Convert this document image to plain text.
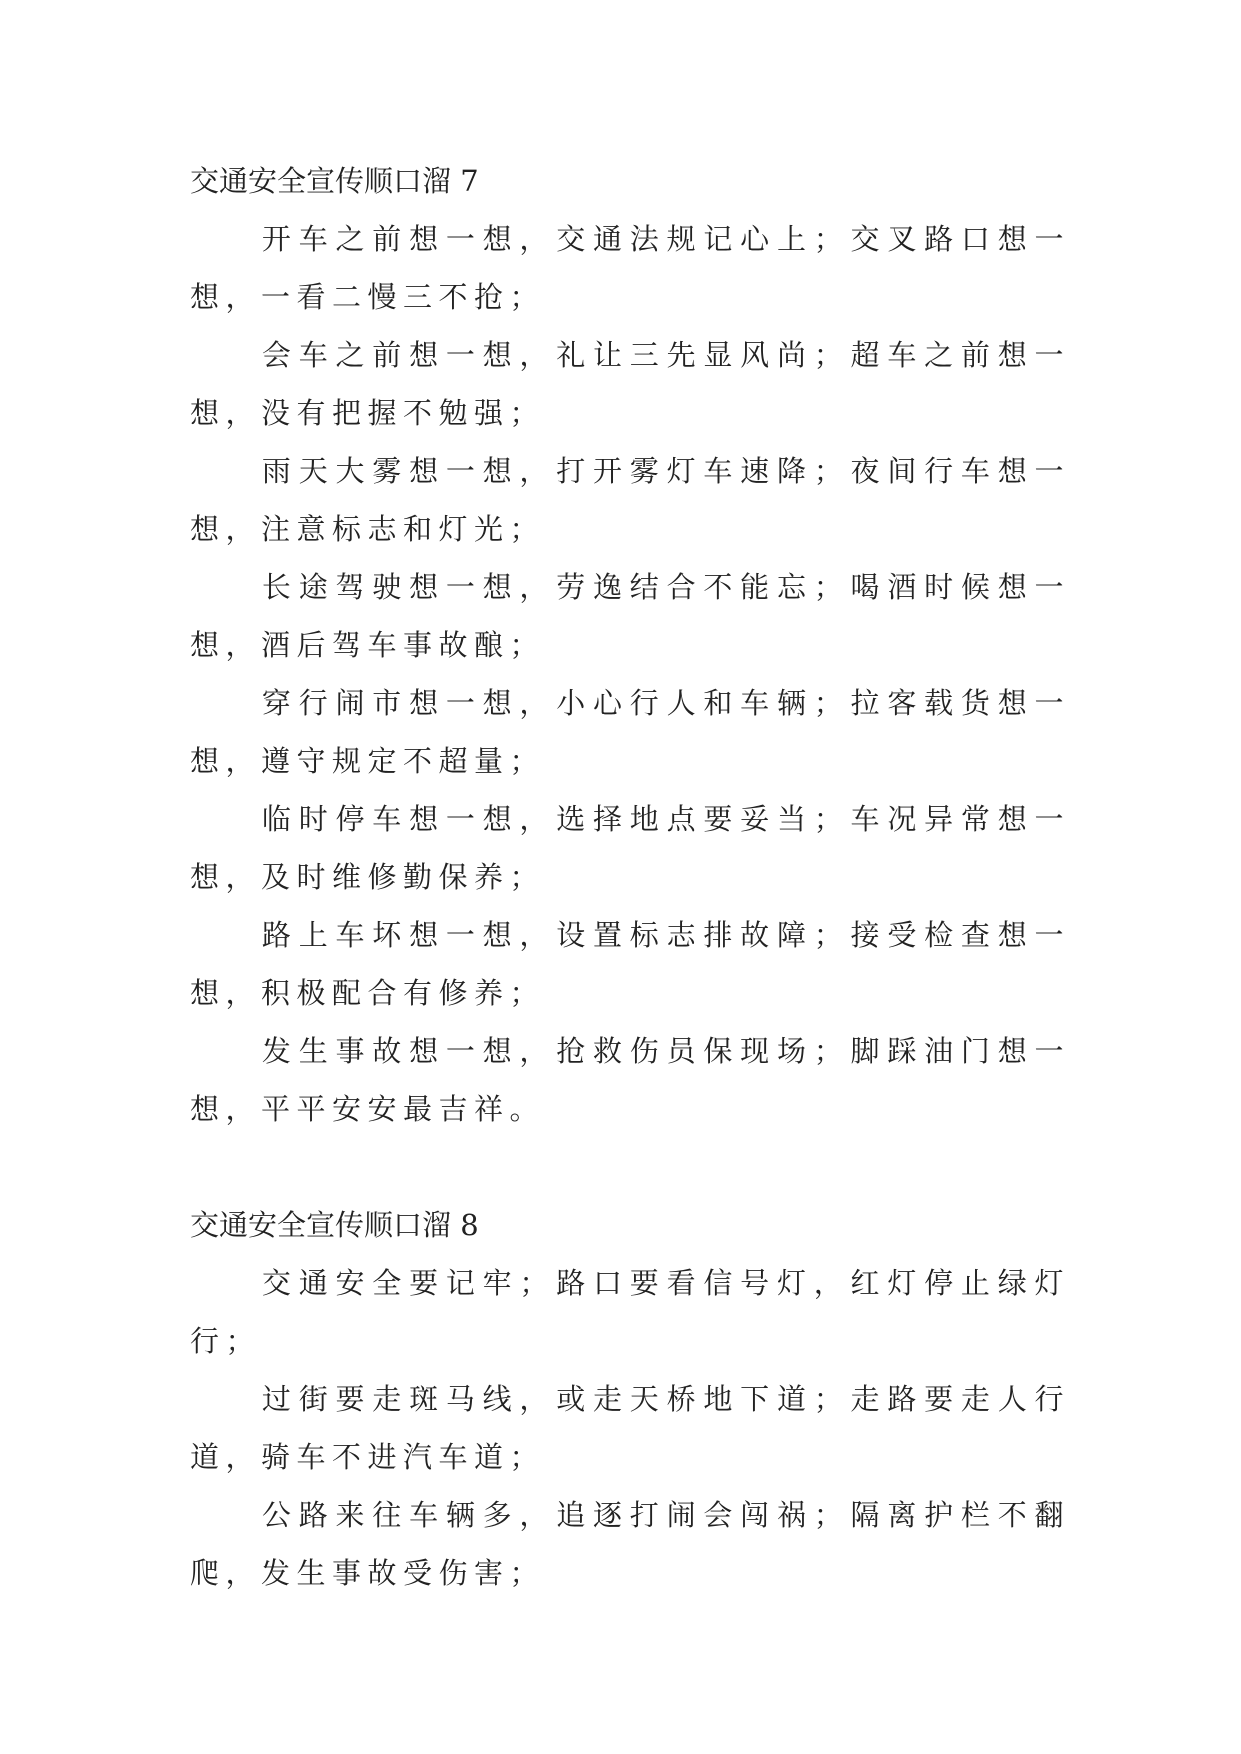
交通安全宣传顺口溜 7

开车之前想一想，交通法规记心上；交叉路口想一想，一看二慢三不抢；

会车之前想一想，礼让三先显风尚；超车之前想一想，没有把握不勉强；

雨天大雾想一想，打开雾灯车速降；夜间行车想一想，注意标志和灯光；

长途驾驶想一想，劳逸结合不能忘；喝酒时候想一想，酒后驾车事故酿；

穿行闹市想一想，小心行人和车辆；拉客载货想一想，遵守规定不超量；

临时停车想一想，选择地点要妥当；车况异常想一想，及时维修勤保养；

路上车坏想一想，设置标志排故障；接受检查想一想，积极配合有修养；

发生事故想一想，抢救伤员保现场；脚踩油门想一想，平平安安最吉祥。

交通安全宣传顺口溜 8

交通安全要记牢；路口要看信号灯，红灯停止绿灯行；

过街要走斑马线，或走天桥地下道；走路要走人行道，骑车不进汽车道；

公路来往车辆多，追逐打闹会闯祸；隔离护栏不翻爬，发生事故受伤害；
